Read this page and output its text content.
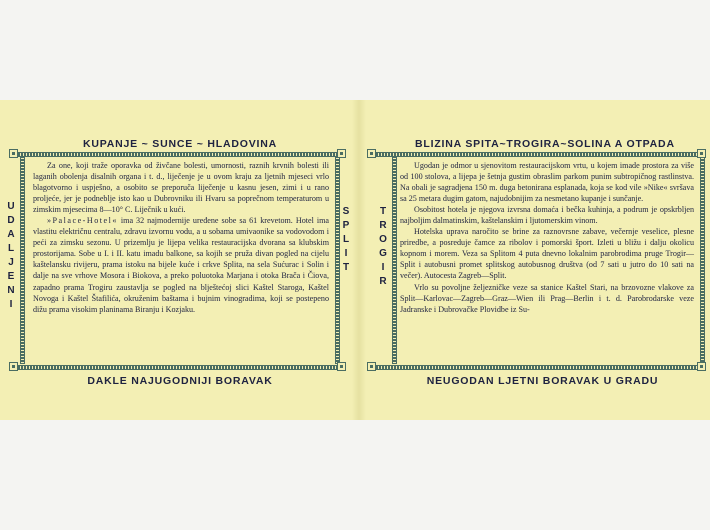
KUPANJE ~ SUNCE ~ HLADOVINA
U
D
A
L
J
E
N
I
S
P
L
I
T

Za one, koji traže oporavka od živčane bolesti, umornosti, raznih krvnih bolesti ili laganih obolenja disalnih organa i t. d., liječenje je u ovom kraju za ljetnih mjeseci vrlo blagotvorno i uspješno, a osobito se preporuča liječenje u kasnu jesen, zimi i u rano proljeće, jer je podneblje isto kao u Dubrovniku ili Hvaru sa poprečnom temperaturom u zimskim mjesecima 8—10° C. Liječnik u kući.

»Palace-Hotel« ima 32 najmodernije uređene sobe sa 61 krevetom. Hotel ima vlastitu električnu centralu, zdravu izvornu vodu, a u sobama umivaonike sa vodovodom i peći za zimsku sezonu. U prizemlju je lijepa velika restauracijska dvorana sa klubskim prostorijama. Sobe u I. i II. katu imadu balkone, sa kojih se pruža divan pogled na cijelu kaštelansku rivijeru, prama istoku na bijele kuće i crkve Splita, na sela Sućurac i Solin i dalje na sve vrhove Mosora i Biokova, a preko poluotoka Marjana i otoka Brača i Čiova, zapadno prama Trogiru zaustavlja se pogled na blještećoj slici Kaštel Staroga, Kaštel Novoga i Kaštel Štafilića, okruženim baštama i bujnim vinogradima, koji se postepeno dižu prama visokim planinama Biranju i Kozjaku.

DAKLE NAJUGODNIJI BORAVAK
BLIZINA SPITA~TROGIRA~SOLINA A OTPADA
T
R
O
G
I
R

Ugodan je odmor u sjenovitom restauracijskom vrtu, u kojem imade prostora za više od 100 stolova, a lijepa je šetnja gustim obraslim parkom punim subtropičnog rastlinstva. Na obali je sagradjena 150 m. duga betonirana esplanada, koja se kod vile »Nike« svršava sa 25 metara dugim gatom, najudobnijim za nesmetano kupanje i sunčanje.

Osobitost hotela je njegova izvrsna domaća i bečka kuhinja, a podrum je opskrbljen najboljim dalmatinskim, kaštelanskim i ljutomerskim vinom.

Hotelska uprava naročito se brine za raznovrsne zabave, večernje veselice, plesne priredbe, a posreduje čamce za ribolov i pomorski šport. Izleti u bližu i dalju okolicu kopnom i morem. Veza sa Splitom 4 puta dnevno lokalnim parobrodima pruge Trogir—Split i autobusni promet splitskog autobusnog društva (od 7 sati u jutro do 10 sati na večer). Autocesta Zagreb—Split.

Vrlo su povoljne željezničke veze sa stanice Kaštel Stari, na brzovozne vlakove za Split—Karlovac—Zagreb—Graz—Wien ili Prag—Berlin i t. d. Parobrodarske veze Jadranske i Dubrovačke Plovidbe iz Su-

NEUGODAN LJETNI BORAVAK U GRADU
